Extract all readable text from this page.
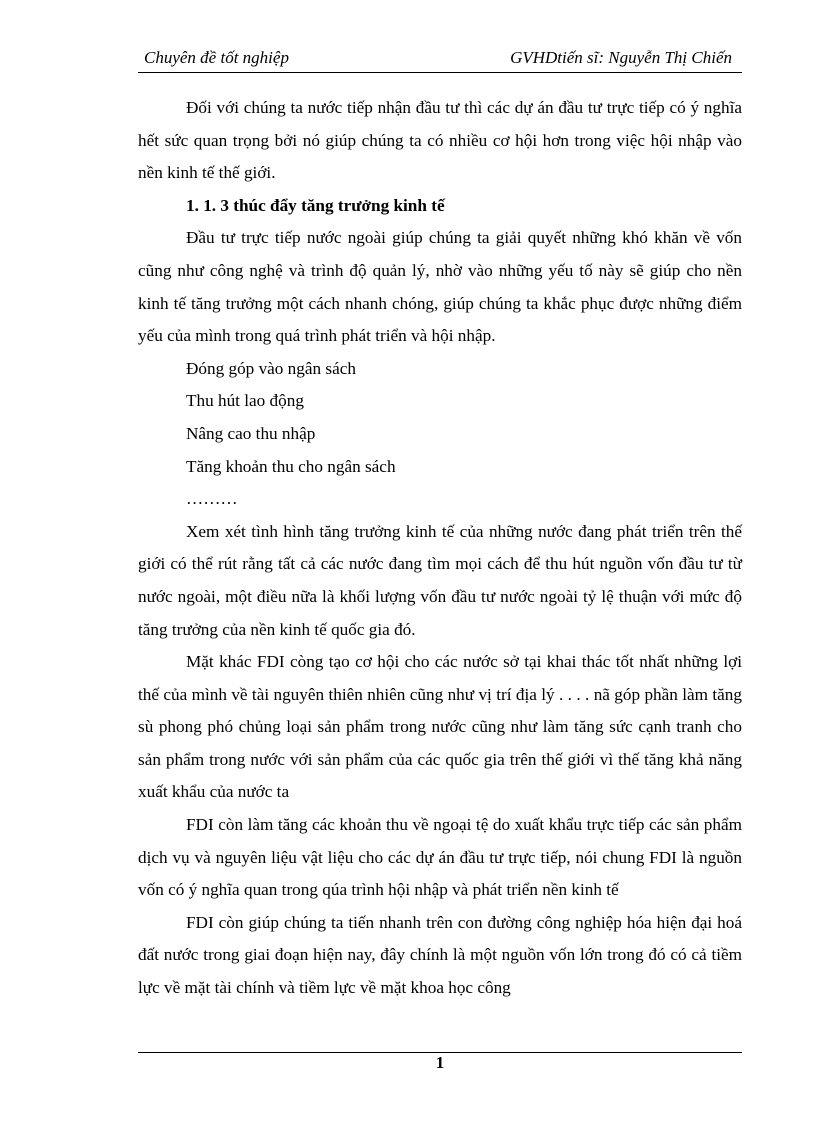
Chuyên đề tốt nghiệp	GVHDtiến sĩ: Nguyễn Thị Chiến

Đối với chúng ta nước tiếp nhận đầu tư thì các dự án đầu tư trực tiếp có ý nghĩa hết sức quan trọng bởi nó giúp chúng ta có nhiều cơ hội hơn trong việc hội nhập vào nền kinh tế thế giới.

1. 1. 3 thúc đẩy tăng trưởng kinh tế

Đầu tư trực tiếp nước ngoài giúp chúng ta giải quyết những khó khăn về vốn cũng như công nghệ và trình độ quản lý, nhờ vào những yếu tố này sẽ giúp cho nền kinh tế tăng trưởng một cách nhanh chóng, giúp chúng ta khắc phục được những điểm yếu của mình trong quá trình phát triển và hội nhập.

Đóng góp vào ngân sách

Thu hút lao động

Nâng cao thu nhập

Tăng khoản thu cho ngân sách

………

Xem xét tình hình tăng trưởng kinh tế của những nước đang phát triển trên thế giới có thể rút rằng tất cả các nước đang tìm mọi cách để thu hút nguồn vốn đầu tư từ nước ngoài, một điều nữa là khối lượng vốn đầu tư nước ngoài tỷ lệ thuận với mức độ tăng trưởng của nền kinh tế quốc gia đó.

Mặt khác FDI còng tạo cơ hội cho các nước sở tại khai thác tốt nhất những lợi thế của mình về tài nguyên thiên nhiên cũng như vị trí địa lý . . . . nã góp phần làm tăng sù phong phó chủng loại sản phẩm trong nước cũng như làm tăng sức cạnh tranh cho sản phẩm trong nước với sản phẩm của các quốc gia trên thế giới vì thế tăng khả năng xuất khẩu của nước ta

FDI còn làm tăng các khoản thu về ngoại tệ do xuất khẩu trực tiếp các sản phẩm dịch vụ và nguyên liệu vật liệu cho các dự án đầu tư trực tiếp, nói chung FDI là nguồn vốn có ý nghĩa quan trong qúa trình hội nhập và phát triển nền kinh tế

FDI còn giúp chúng ta tiến nhanh trên con đường công nghiệp hóa hiện đại hoá đất nước trong giai đoạn hiện nay, đây chính là một nguồn vốn lớn trong đó có cả tiềm lực về mặt tài chính và tiềm lực về mặt khoa học công

1
